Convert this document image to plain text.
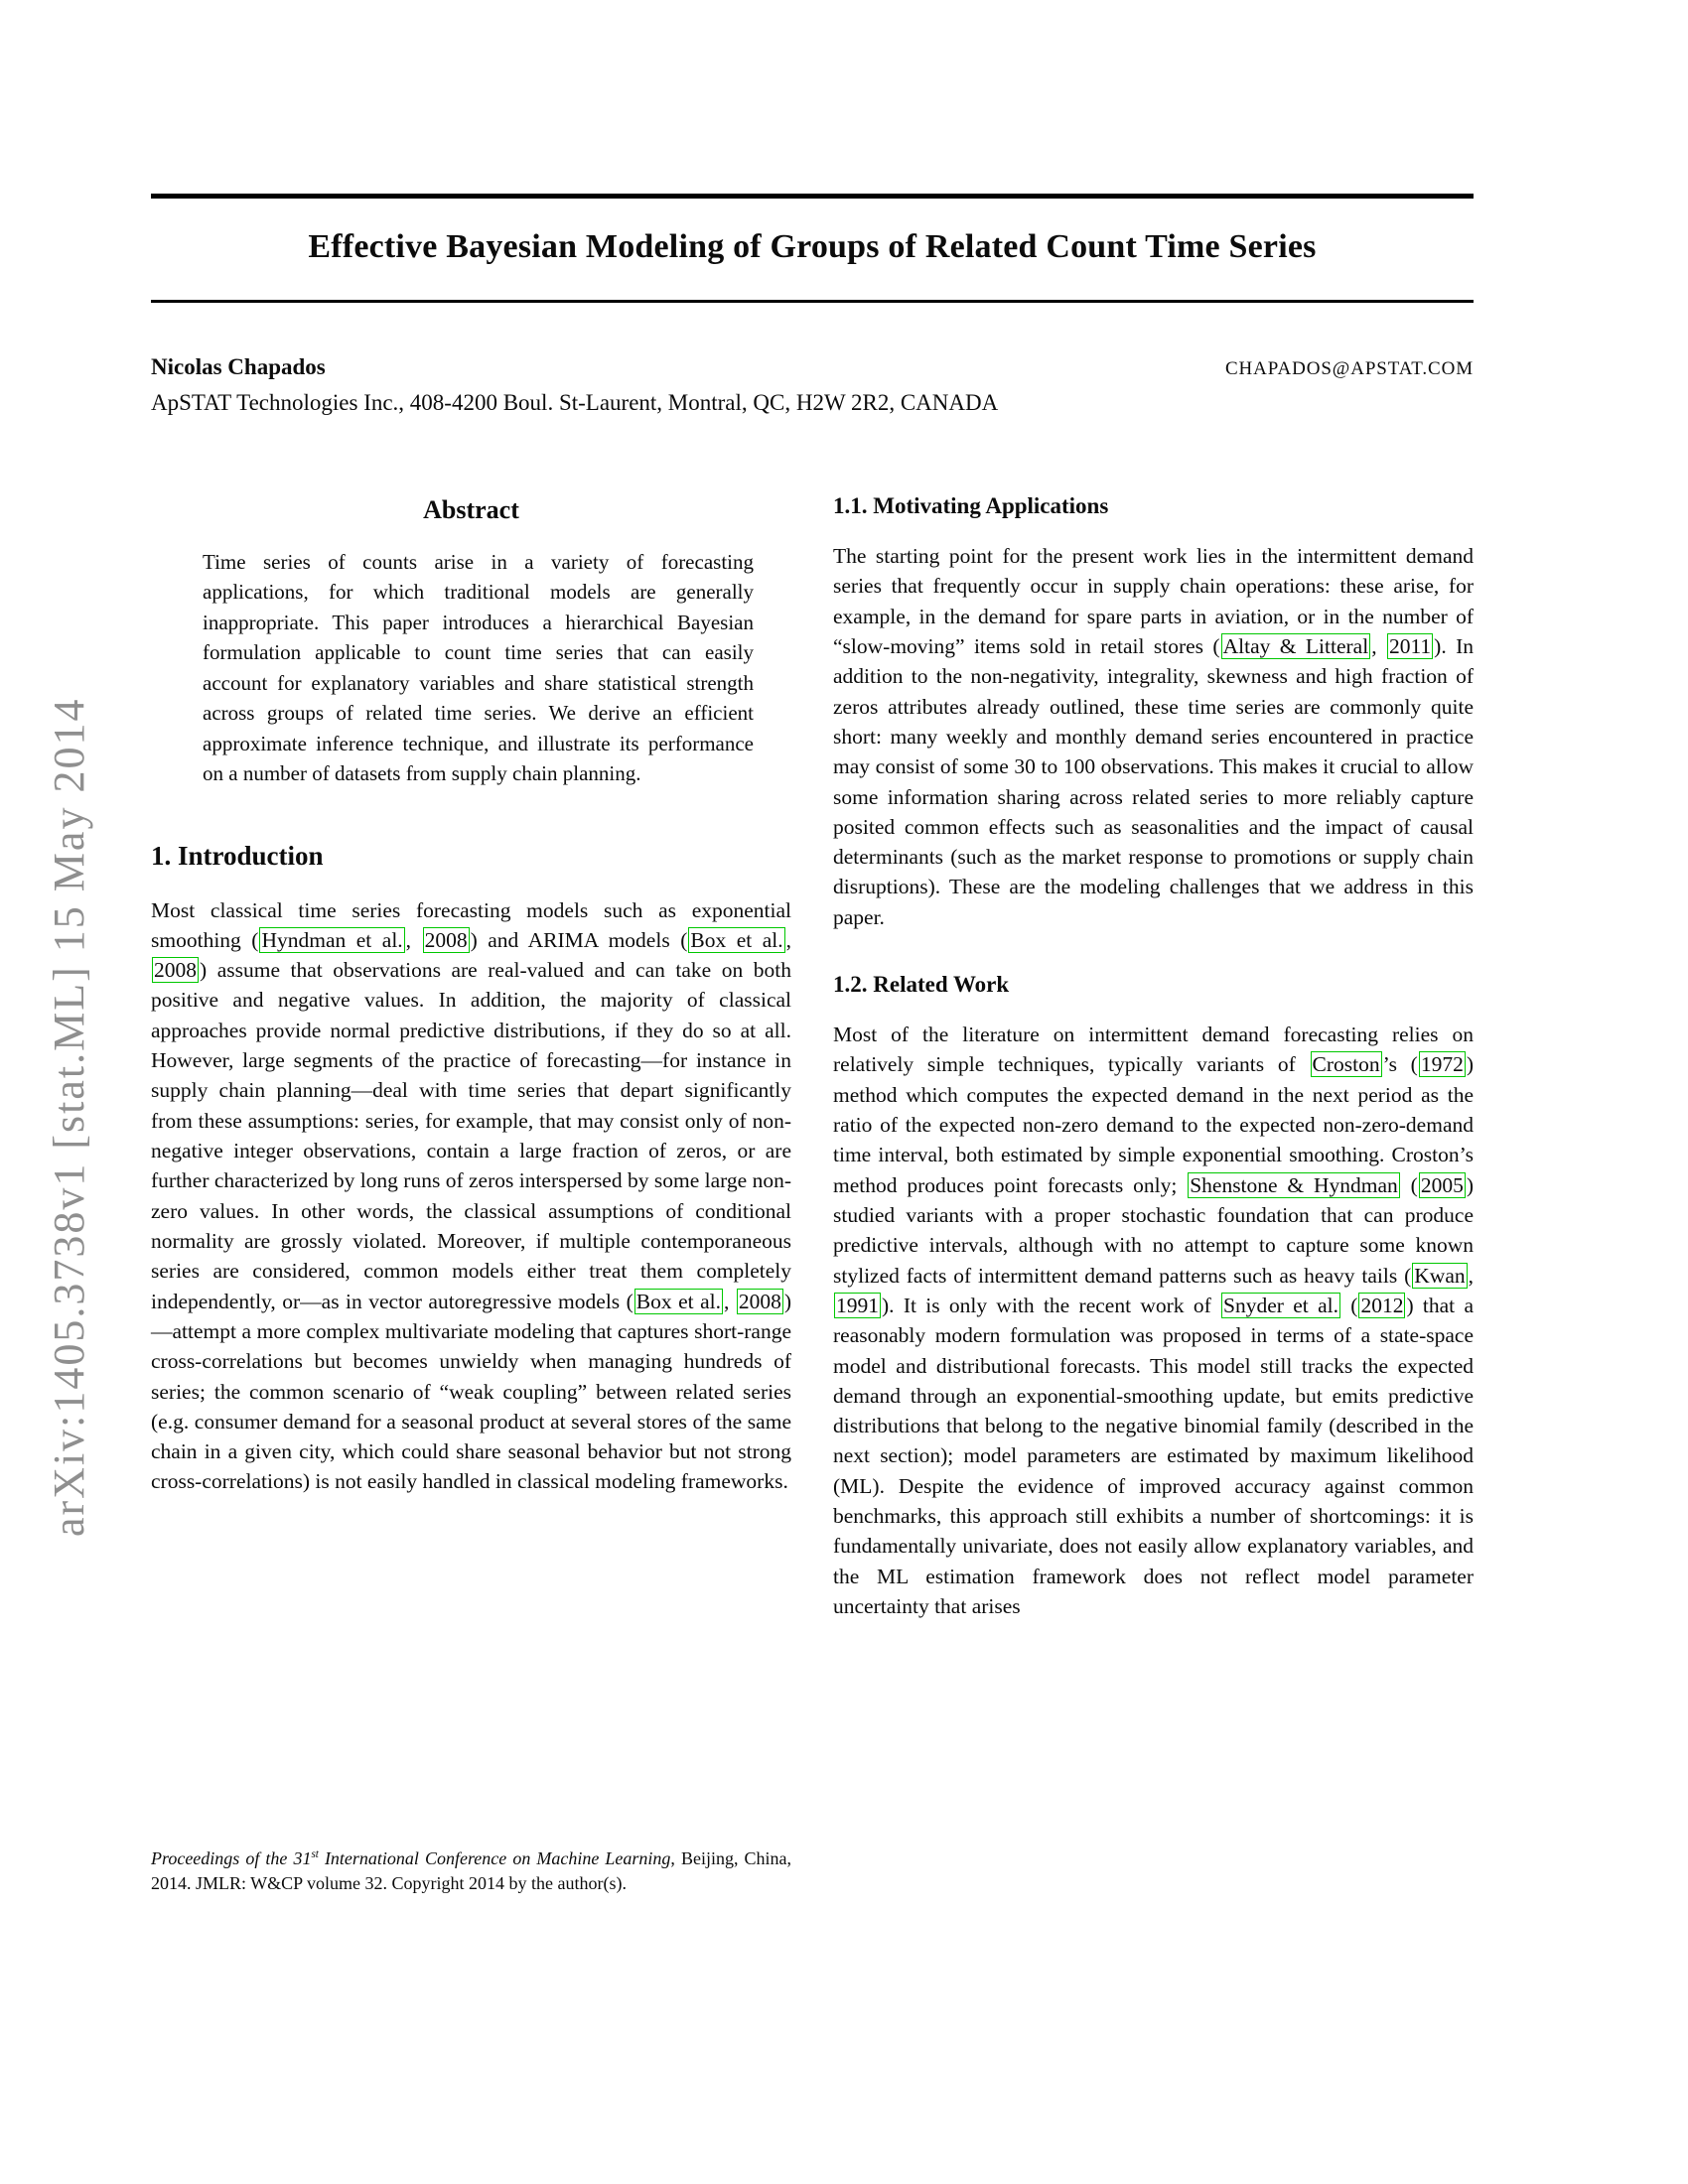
arXiv:1405.3738v1 [stat.ML] 15 May 2014
Effective Bayesian Modeling of Groups of Related Count Time Series
Nicolas Chapados	CHAPADOS@APSTAT.COM
ApSTAT Technologies Inc., 408-4200 Boul. St-Laurent, Montral, QC, H2W 2R2, CANADA
Abstract

Time series of counts arise in a variety of forecasting applications, for which traditional models are generally inappropriate. This paper introduces a hierarchical Bayesian formulation applicable to count time series that can easily account for explanatory variables and share statistical strength across groups of related time series. We derive an efficient approximate inference technique, and illustrate its performance on a number of datasets from supply chain planning.

1. Introduction

Most classical time series forecasting models such as exponential smoothing ( Hyndman et al. , 2008 ) and ARIMA models ( Box et al. , 2008 ) assume that observations are real-valued and can take on both positive and negative values. In addition, the majority of classical approaches provide normal predictive distributions, if they do so at all. However, large segments of the practice of forecasting—for instance in supply chain planning—deal with time series that depart significantly from these assumptions: series, for example, that may consist only of non-negative integer observations, contain a large fraction of zeros, or are further characterized by long runs of zeros interspersed by some large non-zero values. In other words, the classical assumptions of conditional normality are grossly violated. Moreover, if multiple contemporaneous series are considered, common models either treat them completely independently, or—as in vector autoregressive models ( Box et al. , 2008 )—attempt a more complex multivariate modeling that captures short-range cross-correlations but becomes unwieldy when managing hundreds of series; the common scenario of “weak coupling” between related series (e.g. consumer demand for a seasonal product at several stores of the same chain in a given city, which could share seasonal behavior but not strong cross-correlations) is not easily handled in classical modeling frameworks.

Proceedings of the 31st International Conference on Machine Learning, Beijing, China, 2014. JMLR: W&CP volume 32. Copyright 2014 by the author(s).
1.1. Motivating Applications

The starting point for the present work lies in the intermittent demand series that frequently occur in supply chain operations: these arise, for example, in the demand for spare parts in aviation, or in the number of “slow-moving” items sold in retail stores ( Altay & Litteral , 2011 ). In addition to the non-negativity, integrality, skewness and high fraction of zeros attributes already outlined, these time series are commonly quite short: many weekly and monthly demand series encountered in practice may consist of some 30 to 100 observations. This makes it crucial to allow some information sharing across related series to more reliably capture posited common effects such as seasonalities and the impact of causal determinants (such as the market response to promotions or supply chain disruptions). These are the modeling challenges that we address in this paper.

1.2. Related Work

Most of the literature on intermittent demand forecasting relies on relatively simple techniques, typically variants of Croston ’s ( 1972 ) method which computes the expected demand in the next period as the ratio of the expected non-zero demand to the expected non-zero-demand time interval, both estimated by simple exponential smoothing. Croston’s method produces point forecasts only; Shenstone & Hyndman ( 2005 ) studied variants with a proper stochastic foundation that can produce predictive intervals, although with no attempt to capture some known stylized facts of intermittent demand patterns such as heavy tails ( Kwan , 1991 ). It is only with the recent work of Snyder et al. ( 2012 ) that a reasonably modern formulation was proposed in terms of a state-space model and distributional forecasts. This model still tracks the expected demand through an exponential-smoothing update, but emits predictive distributions that belong to the negative binomial family (described in the next section); model parameters are estimated by maximum likelihood (ML). Despite the evidence of improved accuracy against common benchmarks, this approach still exhibits a number of shortcomings: it is fundamentally univariate, does not easily allow explanatory variables, and the ML estimation framework does not reflect model parameter uncertainty that arises
